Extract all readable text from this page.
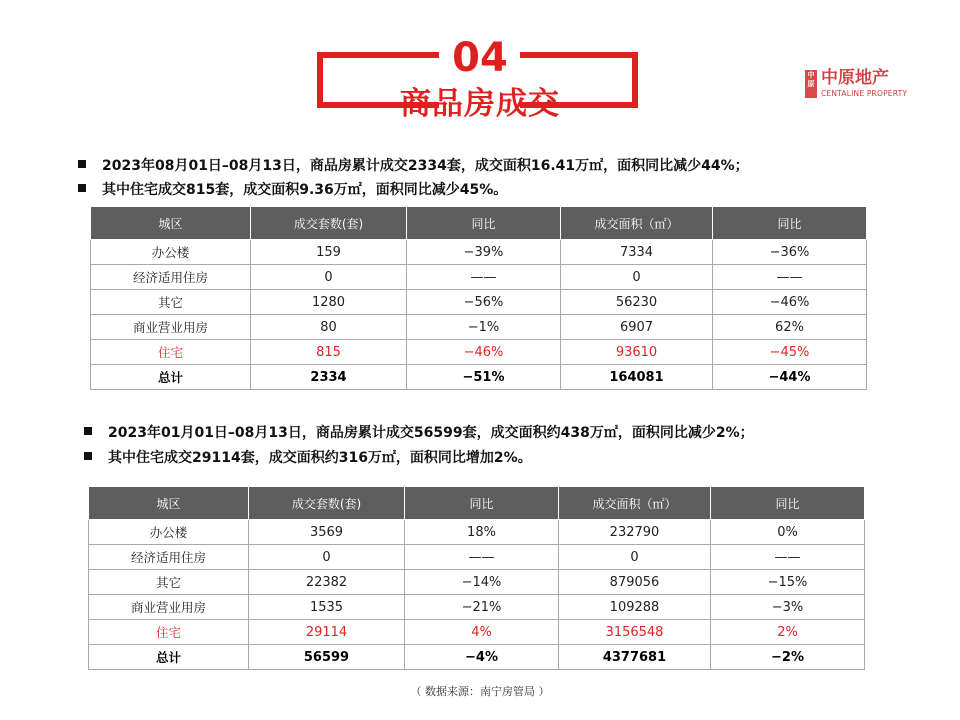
04
商品房成交
中原 中原地产
CENTALINE PROPERTY
2023年08月01日–08月13日，商品房累计成交2334套，成交面积16.41万㎡，面积同比减少44%；
其中住宅成交815套，成交面积9.36万㎡，面积同比减少45%。
城区	成交套数(套)	同比	成交面积（㎡）	同比
办公楼	159	−39%	7334	−36%
经济适用住房	0	——	0	——
其它	1280	−56%	56230	−46%
商业营业用房	80	−1%	6907	62%
住宅	815	−46%	93610	−45%
总计	2334	−51%	164081	−44%
2023年01月01日–08月13日，商品房累计成交56599套，成交面积约438万㎡，面积同比减少2%；
其中住宅成交29114套，成交面积约316万㎡，面积同比增加2%。
城区	成交套数(套)	同比	成交面积（㎡）	同比
办公楼	3569	18%	232790	0%
经济适用住房	0	——	0	——
其它	22382	−14%	879056	−15%
商业营业用房	1535	−21%	109288	−3%
住宅	29114	4%	3156548	2%
总计	56599	−4%	4377681	−2%
（ 数据来源：南宁房管局 ）
